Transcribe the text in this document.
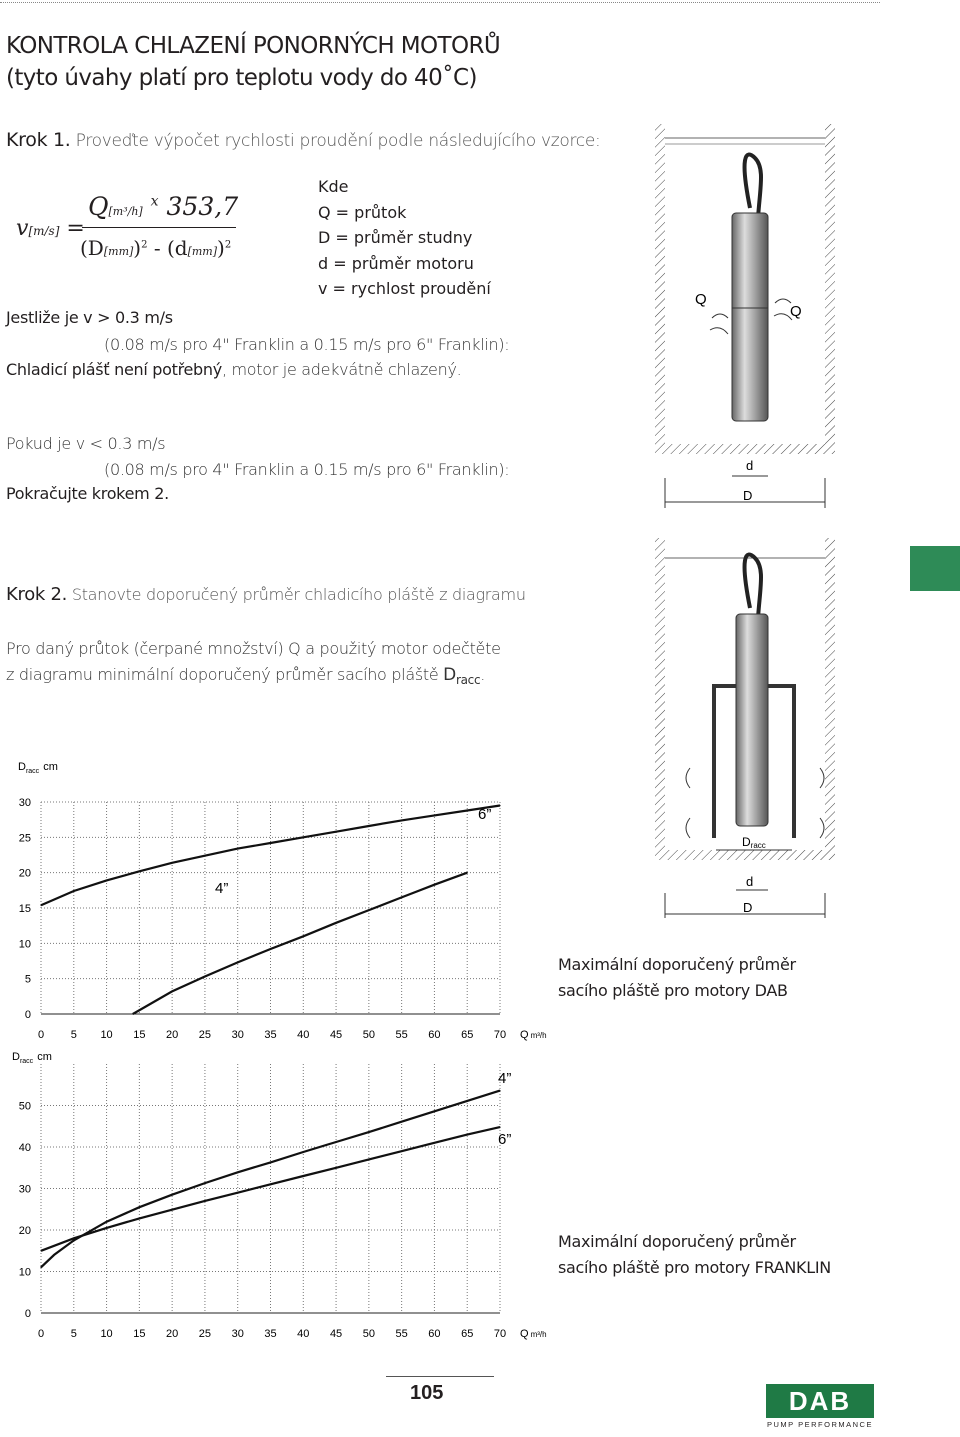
KONTROLA CHLAZENÍ PONORNÝCH MOTORŮ
(tyto úvahy platí pro teplotu vody do 40˚C)
Krok 1. Proveďte výpočet rychlosti proudění podle následujícího vzorce:
v[m/s] =
Q[m³/h] $^x$ 353,7
$(D[mm])^2 - (d[mm])^2$
Kde
Q = průtok
D = průměr studny
d = průměr motoru
v = rychlost proudění
Jestliže je v > 0.3 m/s
(0.08 m/s pro 4" Franklin a 0.15 m/s pro 6" Franklin):
Chladicí plášť není potřebný, motor je adekvátně chlazený.
Pokud je v < 0.3 m/s
(0.08 m/s pro 4" Franklin a 0.15 m/s pro 6" Franklin):
Pokračujte krokem 2.
Krok 2. Stanovte doporučený průměr chladicího pláště z diagramu
Pro daný průtok (čerpané množství) Q a použitý motor odečtěte
z diagramu minimální doporučený průměr sacího pláště $D_{racc}$.
Q
Q
d
D
Dracc
d
D
0 5 10 15 20 25 30 35 40 45 50 55 60 65 70
0
5
10
15
20
25
30
$D_{racc}$ cm
Q m³/h
4”
6”
0 5 10 15 20 25 30 35 40 45 50 55 60 65 70
0
10
20
30
40
50
$D_{racc}$ cm
Q m³/h
4”
6”
Maximální doporučený průměr
sacího pláště pro motory DAB
Maximální doporučený průměr
sacího pláště pro motory FRANKLIN
105	DAB
PUMP PERFORMANCE
